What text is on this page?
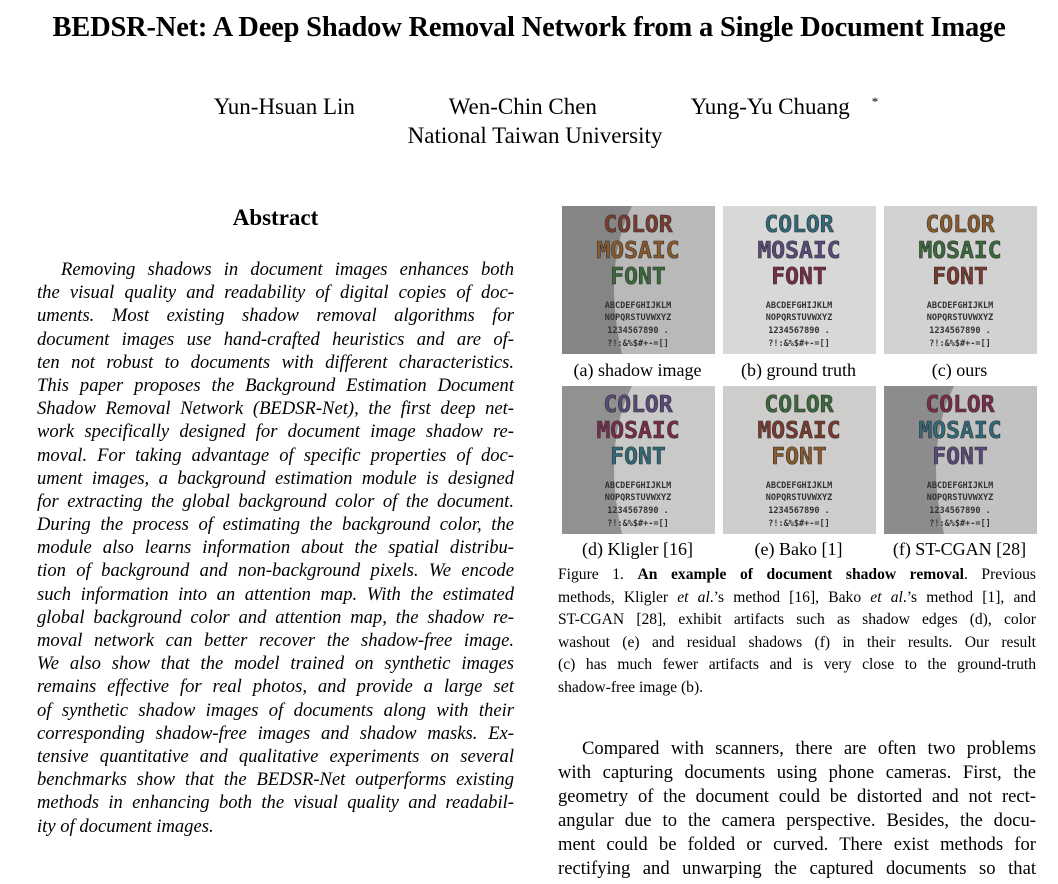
BEDSR-Net: A Deep Shadow Removal Network from a Single Document Image
Yun-Hsuan Lin	Wen-Chin Chen	Yung-Yu Chuang *
National Taiwan University
Abstract
Removing shadows in document images enhances both
the visual quality and readability of digital copies of doc-
uments. Most existing shadow removal algorithms for
document images use hand-crafted heuristics and are of-
ten not robust to documents with different characteristics.
This paper proposes the Background Estimation Document
Shadow Removal Network (BEDSR-Net), the first deep net-
work specifically designed for document image shadow re-
moval. For taking advantage of specific properties of doc-
ument images, a background estimation module is designed
for extracting the global background color of the document.
During the process of estimating the background color, the
module also learns information about the spatial distribu-
tion of background and non-background pixels. We encode
such information into an attention map. With the estimated
global background color and attention map, the shadow re-
moval network can better recover the shadow-free image.
We also show that the model trained on synthetic images
remains effective for real photos, and provide a large set
of synthetic shadow images of documents along with their
corresponding shadow-free images and shadow masks. Ex-
tensive quantitative and qualitative experiments on several
benchmarks show that the BEDSR-Net outperforms existing
methods in enhancing both the visual quality and readabil-
ity of document images.
COLOR
MOSAIC
FONT
ABCDEFGHIJKLM
NOPQRSTUVWXYZ
1234567890 .
?!:&%$#+-=[]
(a) shadow image
COLOR
MOSAIC
FONT
ABCDEFGHIJKLM
NOPQRSTUVWXYZ
1234567890 .
?!:&%$#+-=[]
(b) ground truth
COLOR
MOSAIC
FONT
ABCDEFGHIJKLM
NOPQRSTUVWXYZ
1234567890 .
?!:&%$#+-=[]
(c) ours
COLOR
MOSAIC
FONT
ABCDEFGHIJKLM
NOPQRSTUVWXYZ
1234567890 .
?!:&%$#+-=[]
(d) Kligler [16]
COLOR
MOSAIC
FONT
ABCDEFGHIJKLM
NOPQRSTUVWXYZ
1234567890 .
?!:&%$#+-=[]
(e) Bako [1]
COLOR
MOSAIC
FONT
ABCDEFGHIJKLM
NOPQRSTUVWXYZ
1234567890 .
?!:&%$#+-=[]
(f) ST-CGAN [28]
Figure 1. An example of document shadow removal. Previous
methods, Kligler et al.’s method [16], Bako et al.’s method [1], and
ST-CGAN [28], exhibit artifacts such as shadow edges (d), color
washout (e) and residual shadows (f) in their results. Our result
(c) has much fewer artifacts and is very close to the ground-truth
shadow-free image (b).
Compared with scanners, there are often two problems
with capturing documents using phone cameras. First, the
geometry of the document could be distorted and not rect-
angular due to the camera perspective. Besides, the docu-
ment could be folded or curved. There exist methods for
rectifying and unwarping the captured documents so that
